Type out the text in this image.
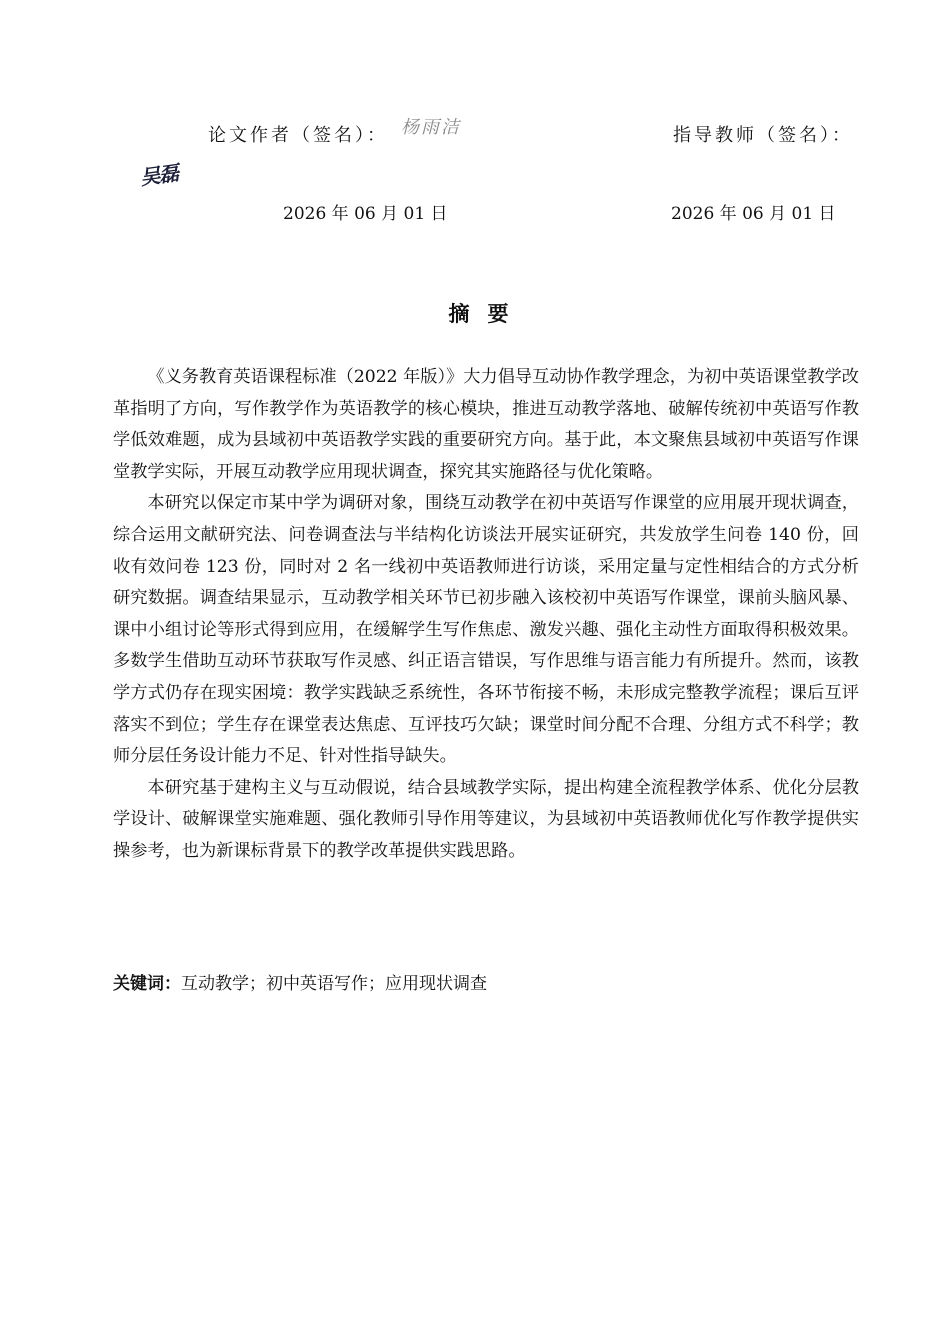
论文作者（签名）： 杨雨洁	指导教师（签名）：
吴磊
2026 年 06 月 01 日	2026 年 06 月 01 日
摘要

《义务教育英语课程标准（2022 年版）》大力倡导互动协作教学理念，为初中英语课堂教学改革指明了方向，写作教学作为英语教学的核心模块，推进互动教学落地、破解传统初中英语写作教学低效难题，成为县域初中英语教学实践的重要研究方向。基于此，本文聚焦县域初中英语写作课堂教学实际，开展互动教学应用现状调查，探究其实施路径与优化策略。

本研究以保定市某中学为调研对象，围绕互动教学在初中英语写作课堂的应用展开现状调查，综合运用文献研究法、问卷调查法与半结构化访谈法开展实证研究，共发放学生问卷 140 份，回收有效问卷 123 份，同时对 2 名一线初中英语教师进行访谈，采用定量与定性相结合的方式分析研究数据。调查结果显示，互动教学相关环节已初步融入该校初中英语写作课堂，课前头脑风暴、课中小组讨论等形式得到应用，在缓解学生写作焦虑、激发兴趣、强化主动性方面取得积极效果。多数学生借助互动环节获取写作灵感、纠正语言错误，写作思维与语言能力有所提升。然而，该教学方式仍存在现实困境：教学实践缺乏系统性，各环节衔接不畅，未形成完整教学流程；课后互评落实不到位；学生存在课堂表达焦虑、互评技巧欠缺；课堂时间分配不合理、分组方式不科学；教师分层任务设计能力不足、针对性指导缺失。

本研究基于建构主义与互动假说，结合县域教学实际，提出构建全流程教学体系、优化分层教学设计、破解课堂实施难题、强化教师引导作用等建议，为县域初中英语教师优化写作教学提供实操参考，也为新课标背景下的教学改革提供实践思路。

关键词：互动教学；初中英语写作；应用现状调查
